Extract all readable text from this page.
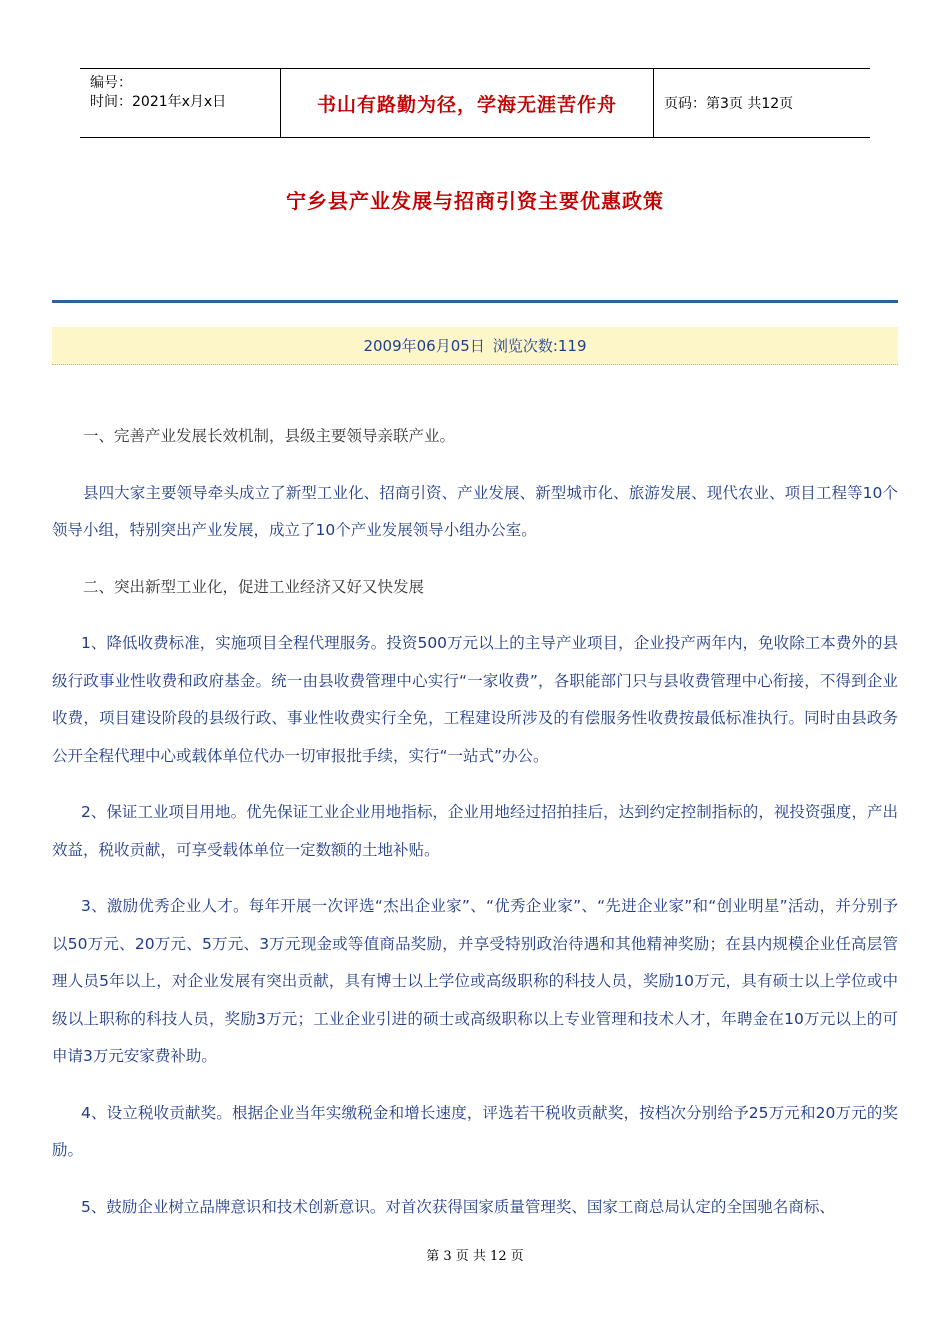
编号：
时间：2021年x月x日	书山有路勤为径，学海无涯苦作舟	页码：第3页 共12页
宁乡县产业发展与招商引资主要优惠政策
2009年06月05日 浏览次数:119

一、完善产业发展长效机制，县级主要领导亲联产业。

县四大家主要领导牵头成立了新型工业化、招商引资、产业发展、新型城市化、旅游发展、现代农业、项目工程等10个领导小组，特别突出产业发展，成立了10个产业发展领导小组办公室。

二、突出新型工业化，促进工业经济又好又快发展

1、降低收费标准，实施项目全程代理服务。投资500万元以上的主导产业项目，企业投产两年内，免收除工本费外的县级行政事业性收费和政府基金。统一由县收费管理中心实行“一家收费”，各职能部门只与县收费管理中心衔接，不得到企业收费，项目建设阶段的县级行政、事业性收费实行全免，工程建设所涉及的有偿服务性收费按最低标准执行。同时由县政务公开全程代理中心或载体单位代办一切审报批手续，实行“一站式”办公。

2、保证工业项目用地。优先保证工业企业用地指标，企业用地经过招拍挂后，达到约定控制指标的，视投资强度，产出效益，税收贡献，可享受载体单位一定数额的土地补贴。

3、激励优秀企业人才。每年开展一次评选“杰出企业家”、“优秀企业家”、“先进企业家”和“创业明星”活动，并分别予以50万元、20万元、5万元、3万元现金或等值商品奖励，并享受特别政治待遇和其他精神奖励；在县内规模企业任高层管理人员5年以上，对企业发展有突出贡献，具有博士以上学位或高级职称的科技人员，奖励10万元，具有硕士以上学位或中级以上职称的科技人员，奖励3万元；工业企业引进的硕士或高级职称以上专业管理和技术人才，年聘金在10万元以上的可申请3万元安家费补助。

4、设立税收贡献奖。根据企业当年实缴税金和增长速度，评选若干税收贡献奖，按档次分别给予25万元和20万元的奖励。

5、鼓励企业树立品牌意识和技术创新意识。对首次获得国家质量管理奖、国家工商总局认定的全国驰名商标、

第 3 页 共 12 页
